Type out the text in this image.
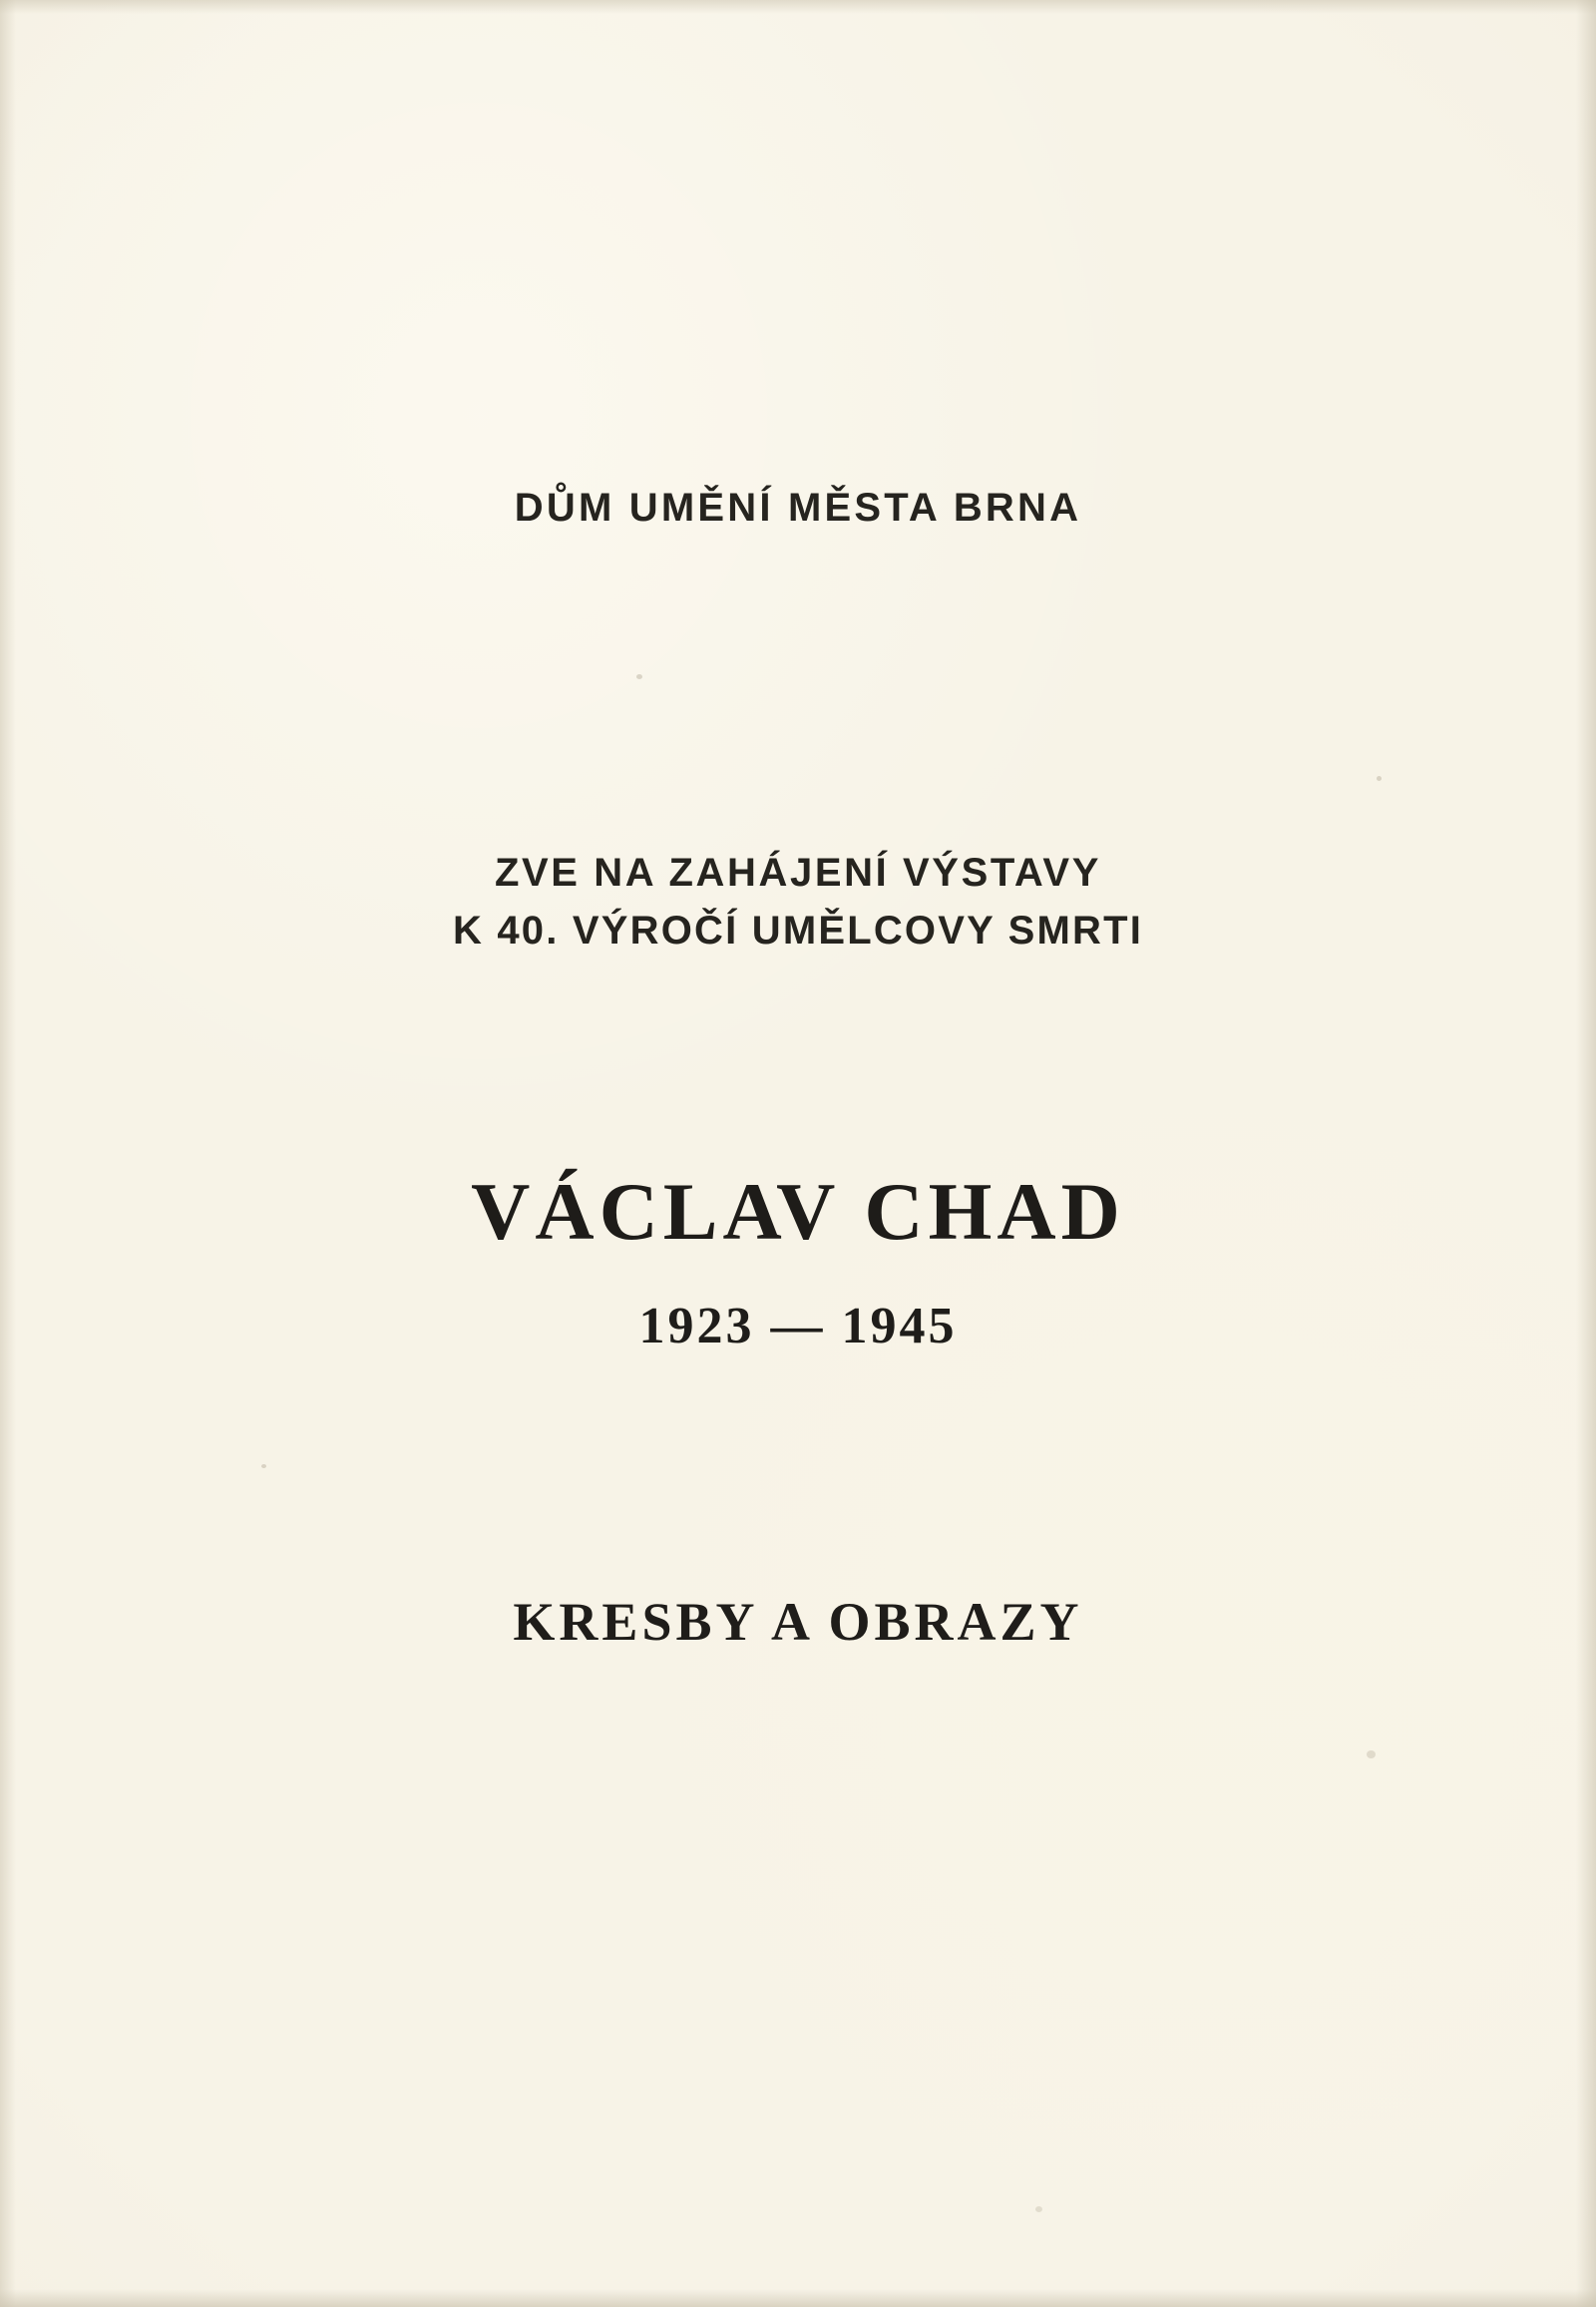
DŮM UMĚNÍ MĚSTA BRNA
ZVE NA ZAHÁJENÍ VÝSTAVY
K 40. VÝROČÍ UMĚLCOVY SMRTI
VÁCLAV CHAD
1923 — 1945
KRESBY A OBRAZY
